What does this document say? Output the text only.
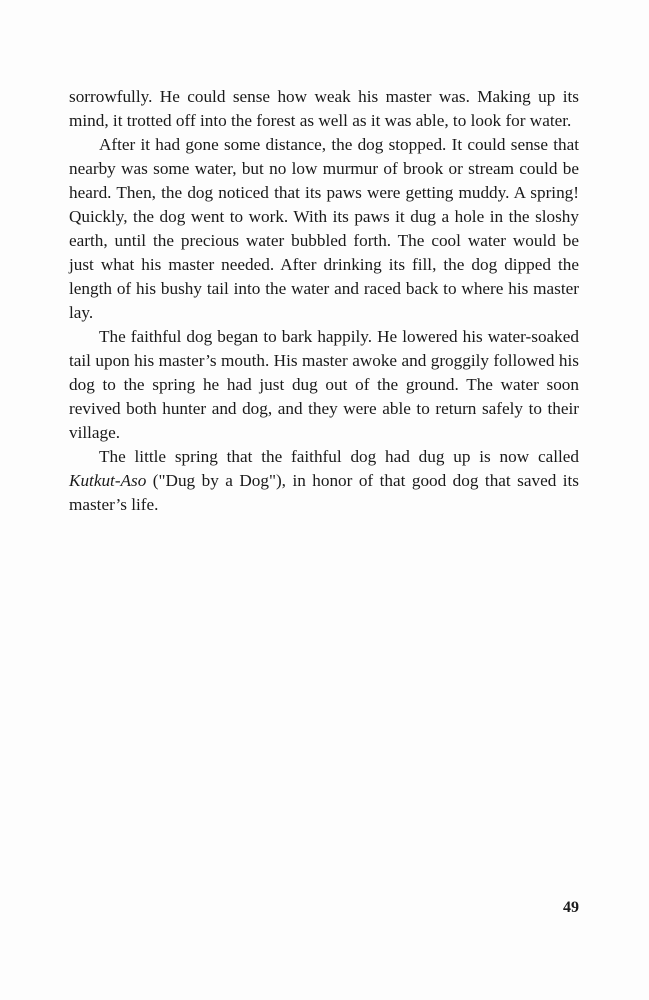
sorrowfully. He could sense how weak his master was. Making up its mind, it trotted off into the forest as well as it was able, to look for water.

After it had gone some distance, the dog stopped. It could sense that nearby was some water, but no low murmur of brook or stream could be heard. Then, the dog noticed that its paws were getting muddy. A spring! Quickly, the dog went to work. With its paws it dug a hole in the sloshy earth, until the precious water bubbled forth. The cool water would be just what his master needed. After drinking its fill, the dog dipped the length of his bushy tail into the water and raced back to where his master lay.

The faithful dog began to bark happily. He lowered his water-soaked tail upon his master’s mouth. His master awoke and groggily followed his dog to the spring he had just dug out of the ground. The water soon revived both hunter and dog, and they were able to return safely to their village.

The little spring that the faithful dog had dug up is now called Kutkut-Aso ("Dug by a Dog"), in honor of that good dog that saved its master’s life.

49
